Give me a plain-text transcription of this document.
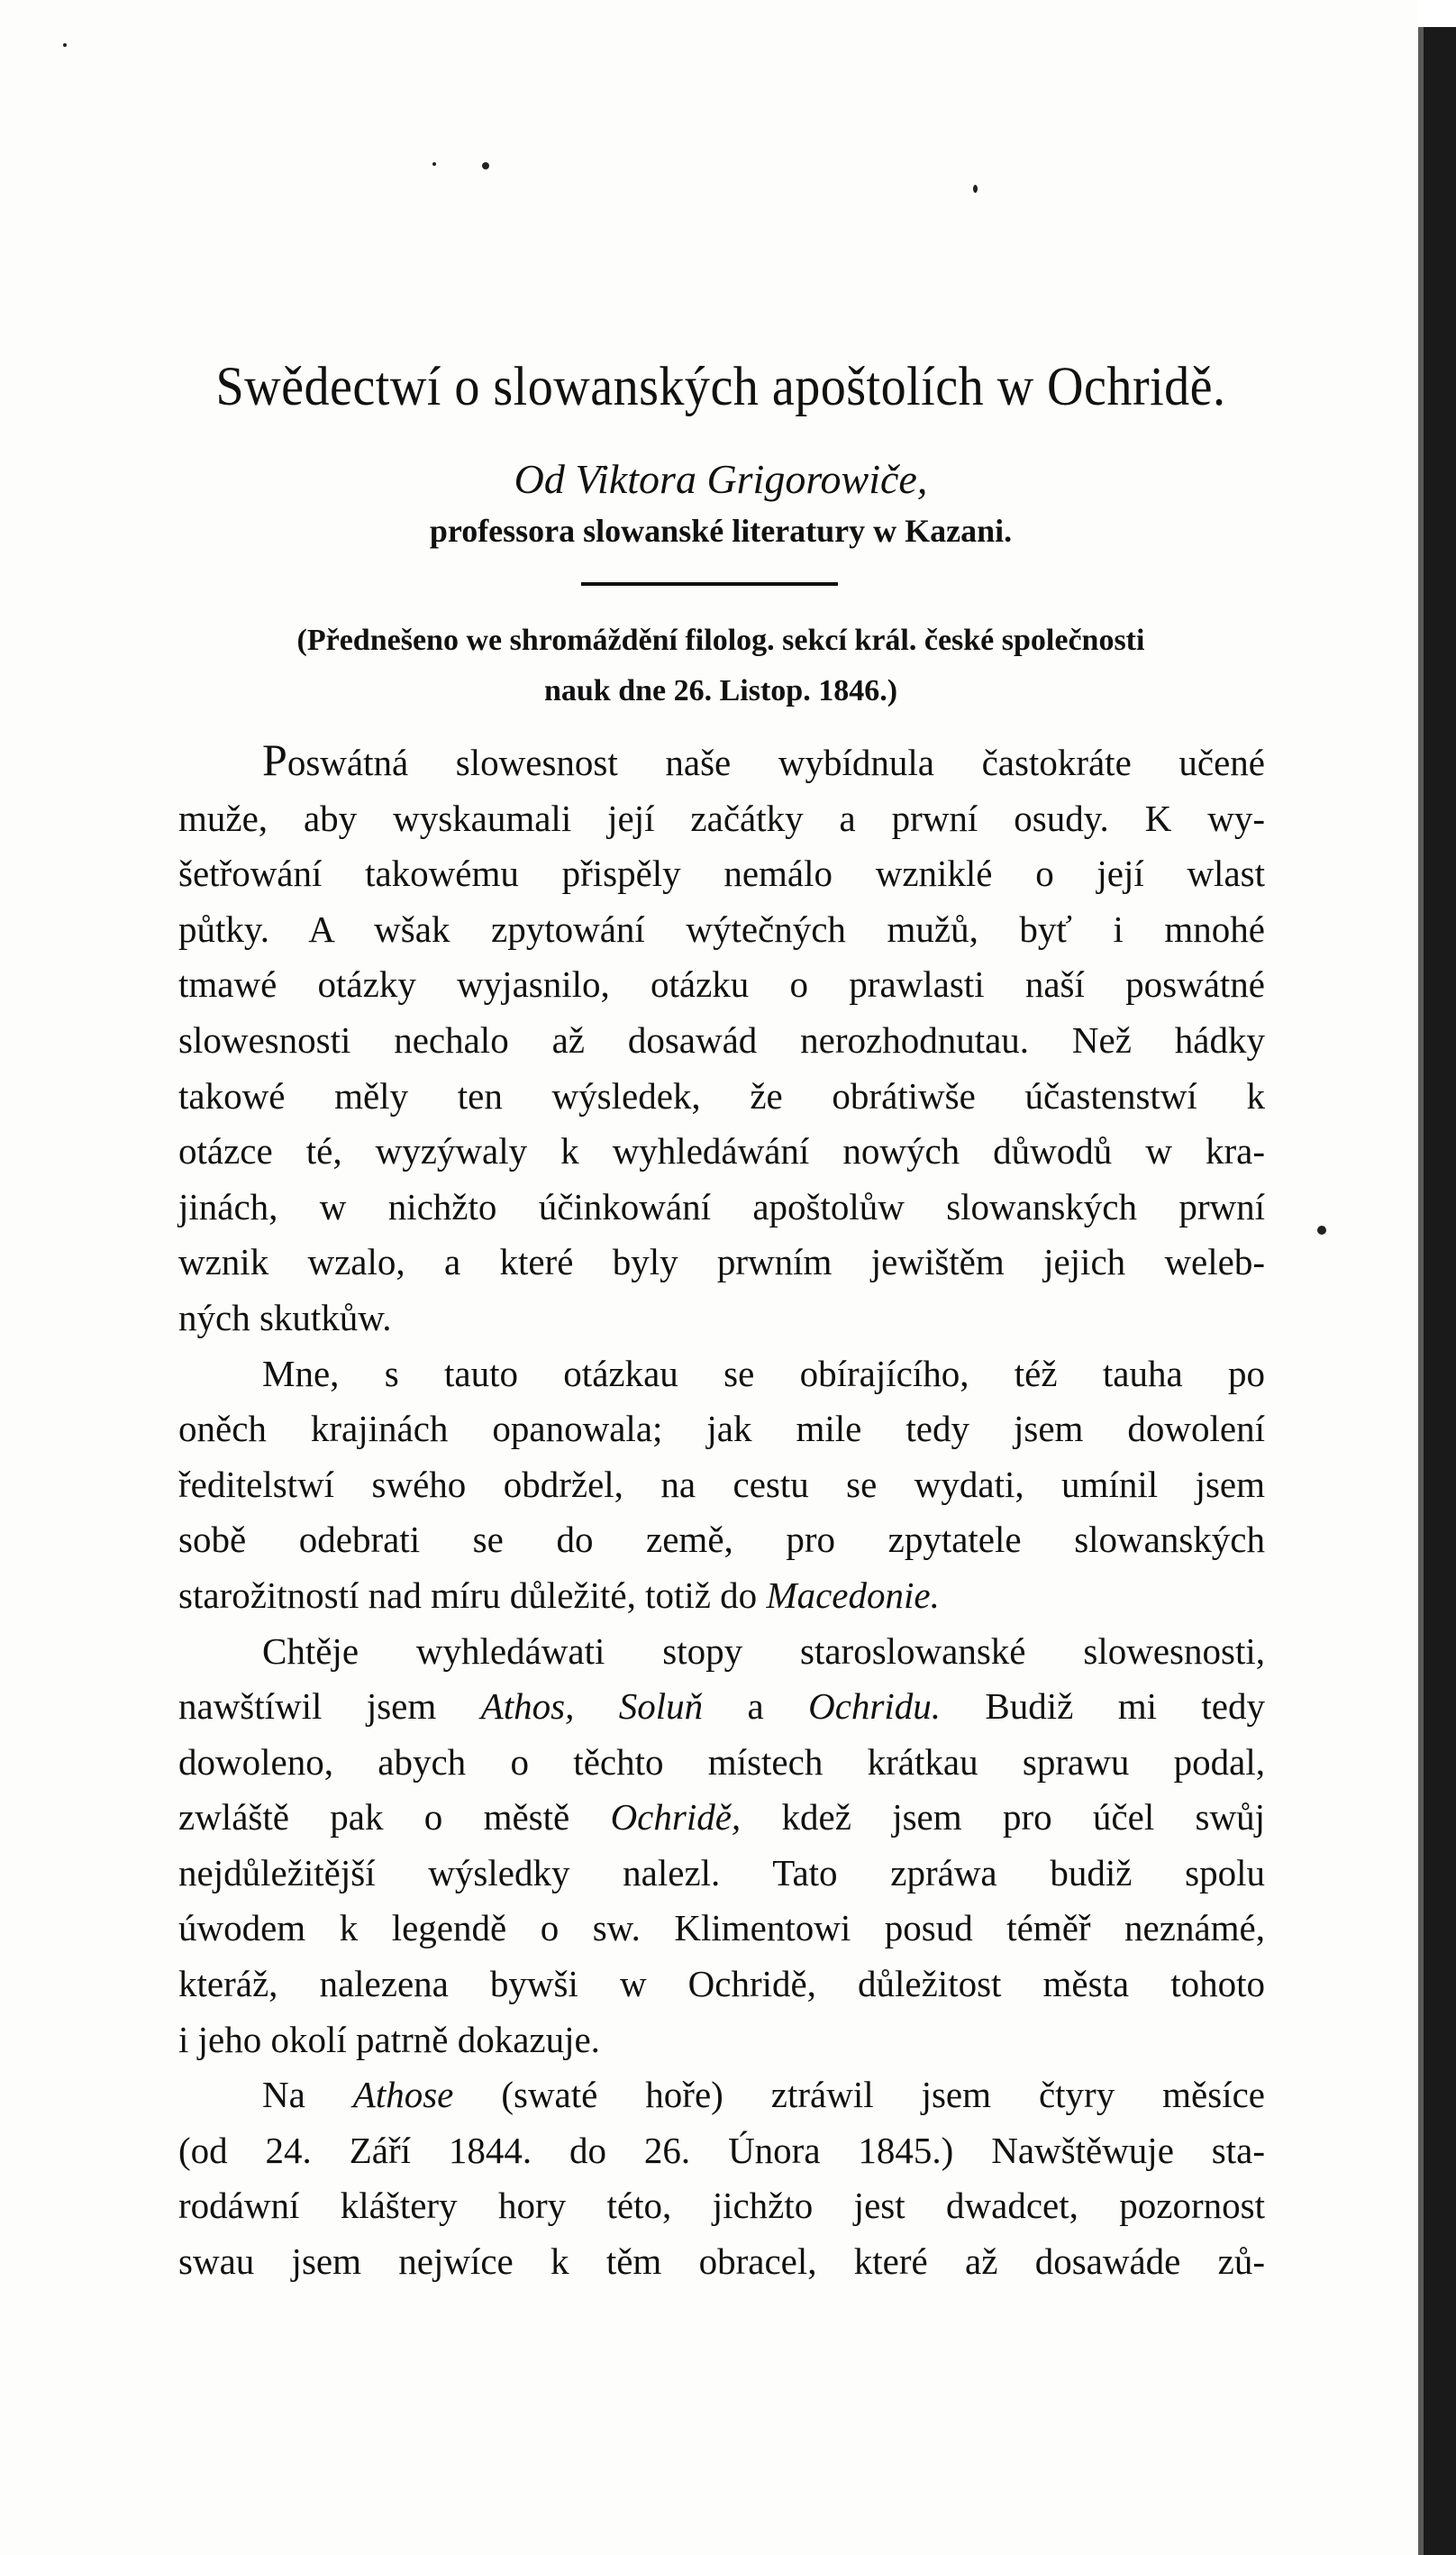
Swědectwí o slowanských apoštolích w Ochridě.
Od Viktora Grigorowiče,
professora slowanské literatury w Kazani.
(Přednešeno we shromáždění filolog. sekcí král. české společnosti
nauk dne 26. Listop. 1846.)
Poswátná slowesnost naše wybídnula častokráte učené
muže, aby wyskaumali její začátky a prwní osudy. K wy-
šetřowání takowému přispěly nemálo wzniklé o její wlast
půtky. A wšak zpytowání wýtečných mužů, byť i mnohé
tmawé otázky wyjasnilo, otázku o prawlasti naší poswátné
slowesnosti nechalo až dosawád nerozhodnutau. Než hádky
takowé měly ten wýsledek, že obrátiwše účastenstwí k
otázce té, wyzýwaly k wyhledáwání nowých důwodů w kra-
jinách, w nichžto účinkowání apoštolůw slowanských prwní
wznik wzalo, a které byly prwním jewištěm jejich weleb-
ných skutkůw.
Mne, s tauto otázkau se obírajícího, též tauha po
oněch krajinách opanowala; jak mile tedy jsem dowolení
ředitelstwí swého obdržel, na cestu se wydati, umínil jsem
sobě odebrati se do země, pro zpytatele slowanských
starožitností nad míru důležité, totiž do Macedonie.
Chtěje wyhledáwati stopy staroslowanské slowesnosti,
nawštíwil jsem Athos, Soluň a Ochridu. Budiž mi tedy
dowoleno, abych o těchto místech krátkau sprawu podal,
zwláště pak o městě Ochridě, kdež jsem pro účel swůj
nejdůležitější wýsledky nalezl. Tato zpráwa budiž spolu
úwodem k legendě o sw. Klimentowi posud téměř neznámé,
kteráž, nalezena bywši w Ochridě, důležitost města tohoto
i jeho okolí patrně dokazuje.
Na Athose (swaté hoře) ztráwil jsem čtyry měsíce
(od 24. Září 1844. do 26. Února 1845.) Nawštěwuje sta-
rodáwní kláštery hory této, jichžto jest dwadcet, pozornost
swau jsem nejwíce k těm obracel, které až dosawáde zů-
